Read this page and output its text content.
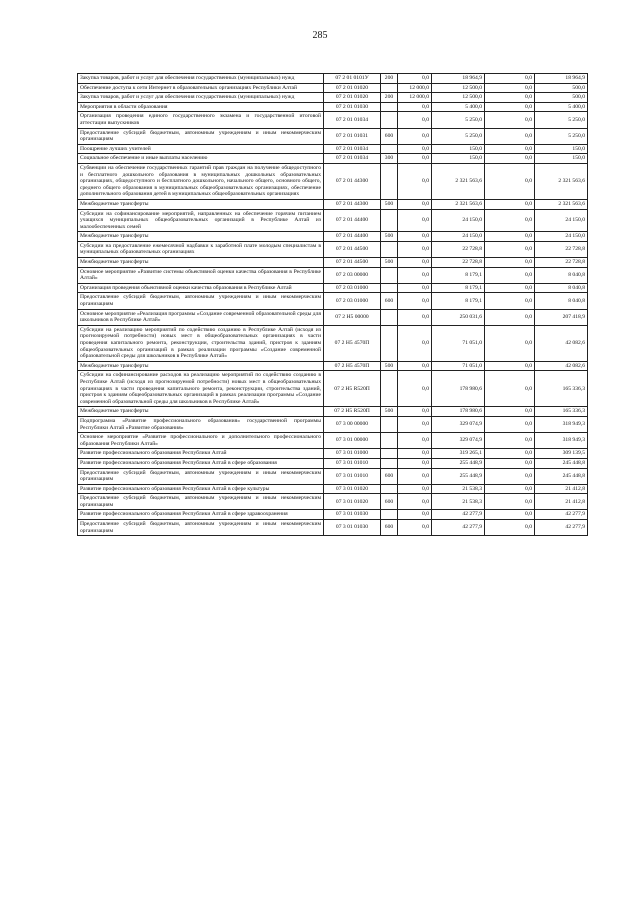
285
Закупка товаров, работ и услуг для обеспечения государственных (муниципальных) нужд	07 2 01 0101У	200	0,0	18 964,9	0,0	18 964,9
Обеспечение доступа к сети Интернет в образовательных организациях Республики Алтай	07 2 01 01020		12 000,0	12 500,0	0,0	500,0
Закупка товаров, работ и услуг для обеспечения государственных (муниципальных) нужд	07 2 01 01020	200	12 000,0	12 500,0	0,0	500,0
Мероприятия в области образования	07 2 01 01030		0,0	5 400,0	0,0	5 400,0
Организация проведения единого государственного экзамена и государственной итоговой аттестации выпускников	07 2 01 01034		0,0	5 250,0	0,0	5 250,0
Предоставление субсидий бюджетным, автономным учреждениям и иным некоммерческим организациям	07 2 01 01031	600	0,0	5 250,0	0,0	5 250,0
Поощрение лучших учителей	07 2 01 01034		0,0	150,0	0,0	150,0
Социальное обеспечение и иные выплаты населению	07 2 01 01034	300	0,0	150,0	0,0	150,0
Субвенции на обеспечение государственных гарантий прав граждан на получение общедоступного и бесплатного дошкольного образования в муниципальных дошкольных образовательных организациях, общедоступного и бесплатного дошкольного, начального общего, основного общего, среднего общего образования в муниципальных общеобразовательных организациях, обеспечение дополнительного образования детей в муниципальных общеобразовательных организациях	07 2 01 44300		0,0	2 321 563,6	0,0	2 321 563,6
Межбюджетные трансферты	07 2 01 44300	500	0,0	2 321 563,6	0,0	2 321 563,6
Субсидии на софинансирование мероприятий, направленных на обеспечение горячим питанием учащихся муниципальных общеобразовательных организаций в Республике Алтай из малообеспеченных семей	07 2 01 44400		0,0	24 150,0	0,0	24 150,0
Межбюджетные трансферты	07 2 01 44400	500	0,0	24 150,0	0,0	24 150,0
Субсидии на предоставление ежемесячной надбавки к заработной плате молодым специалистам в муниципальных образовательных организациях	07 2 01 44500		0,0	22 728,8	0,0	22 728,8
Межбюджетные трансферты	07 2 01 44500	500	0,0	22 728,8	0,0	22 728,8
Основное мероприятие «Развитие системы объективной оценки качества образования в Республике Алтай»	07 2 03 00000		0,0	8 179,1	0,0	8 040,8
Организация проведения объективной оценки качества образования в Республике Алтай	07 2 03 01000		0,0	8 179,1	0,0	8 040,8
Предоставление субсидий бюджетным, автономным учреждениям и иным некоммерческим организациям	07 2 03 01000	600	0,0	8 179,1	0,0	8 040,8
Основное мероприятие «Реализация программы «Создание современной образовательной среды для школьников в Республике Алтай»	07 2 Н5 00000		0,0	250 031,6	0,0	207 418,9
Субсидии на реализацию мероприятий по содействию созданию в Республике Алтай (исходя из прогнозируемой потребности) новых мест в общеобразовательных организациях в части проведения капитального ремонта, реконструкции, строительства зданий, пристроя к зданиям общеобразовательных организаций в рамках реализации программы «Создание современной образовательной среды для школьников в Республике Алтай»	07 2 Н5 4570П		0,0	71 051,0	0,0	42 082,6
Межбюджетные трансферты	07 2 Н5 4570П	500	0,0	71 051,0	0,0	42 082,6
Субсидии на софинансирование расходов на реализацию мероприятий по содействию созданию в Республике Алтай (исходя из прогнозируемой потребности) новых мест в общеобразовательных организациях в части проведения капитального ремонта, реконструкции, строительства зданий, пристроя к зданиям общеобразовательных организаций в рамках реализации программы «Создание современной образовательной среды для школьников в Республике Алтай»	07 2 Н5 R520П		0,0	178 980,6	0,0	165 336,3
Межбюджетные трансферты	07 2 Н5 R520П	500	0,0	178 980,6	0,0	165 336,3
Подпрограмма «Развитие профессионального образования» государственной программы Республики Алтай «Развитие образования»	07 3 00 00000		0,0	329 074,9	0,0	318 949,3
Основное мероприятие «Развитие профессионального и дополнительного профессионального образования Республики Алтай»	07 3 01 00000		0,0	329 074,9	0,0	318 949,3
Развитие профессионального образования Республики Алтай	07 3 01 01000		0,0	319 265,1	0,0	309 139,5
Развитие профессионального образования Республики Алтай в сфере образования	07 3 01 01010		0,0	255 448,9	0,0	245 448,8
Предоставление субсидий бюджетным, автономным учреждениям и иным некоммерческим организациям	07 3 01 01010	600	0,0	255 448,9	0,0	245 448,8
Развитие профессионального образования Республики Алтай в сфере культуры	07 3 01 01020		0,0	21 538,3	0,0	21 412,8
Предоставление субсидий бюджетным, автономным учреждениям и иным некоммерческим организациям	07 3 01 01020	600	0,0	21 538,3	0,0	21 412,8
Развитие профессионального образования Республики Алтай в сфере здравоохранения	07 3 01 01030		0,0	42 277,9	0,0	42 277,9
Предоставление субсидий бюджетным, автономным учреждениям и иным некоммерческим организациям	07 3 01 01030	600	0,0	42 277,9	0,0	42 277,9
